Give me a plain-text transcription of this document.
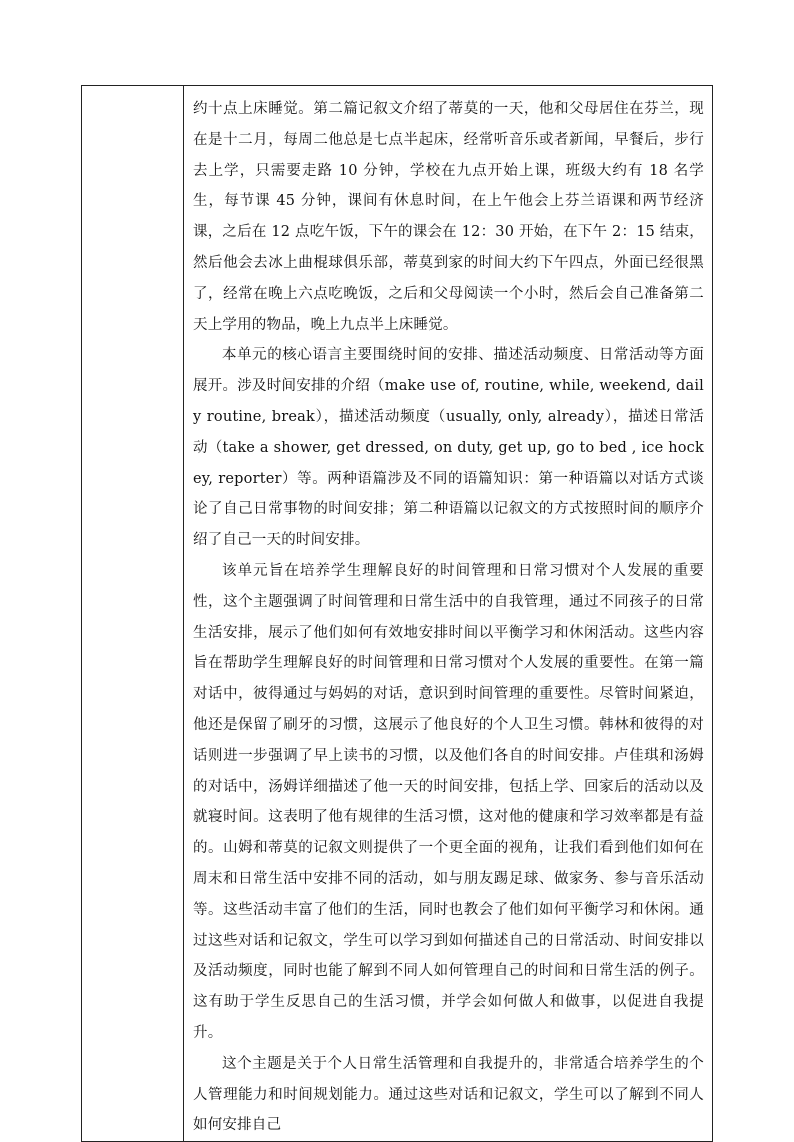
约十点上床睡觉。第二篇记叙文介绍了蒂莫的一天，他和父母居住在芬兰，现在是十二月，每周二他总是七点半起床，经常听音乐或者新闻，早餐后，步行去上学，只需要走路 10 分钟，学校在九点开始上课，班级大约有 18 名学生，每节课 45 分钟，课间有休息时间，在上午他会上芬兰语课和两节经济课，之后在 12 点吃午饭，下午的课会在 12：30 开始，在下午 2：15 结束，然后他会去冰上曲棍球俱乐部，蒂莫到家的时间大约下午四点，外面已经很黑了，经常在晚上六点吃晚饭，之后和父母阅读一个小时，然后会自己准备第二天上学用的物品，晚上九点半上床睡觉。

本单元的核心语言主要围绕时间的安排、描述活动频度、日常活动等方面展开。涉及时间安排的介绍（make use of, routine, while, weekend, daily routine, break），描述活动频度（usually, only, already），描述日常活动（take a shower, get dressed, on duty, get up, go to bed , ice hockey, reporter）等。两种语篇涉及不同的语篇知识：第一种语篇以对话方式谈论了自己日常事物的时间安排；第二种语篇以记叙文的方式按照时间的顺序介绍了自己一天的时间安排。

该单元旨在培养学生理解良好的时间管理和日常习惯对个人发展的重要性，这个主题强调了时间管理和日常生活中的自我管理，通过不同孩子的日常生活安排，展示了他们如何有效地安排时间以平衡学习和休闲活动。这些内容旨在帮助学生理解良好的时间管理和日常习惯对个人发展的重要性。在第一篇对话中，彼得通过与妈妈的对话，意识到时间管理的重要性。尽管时间紧迫，他还是保留了刷牙的习惯，这展示了他良好的个人卫生习惯。韩林和彼得的对话则进一步强调了早上读书的习惯，以及他们各自的时间安排。卢佳琪和汤姆的对话中，汤姆详细描述了他一天的时间安排，包括上学、回家后的活动以及就寝时间。这表明了他有规律的生活习惯，这对他的健康和学习效率都是有益的。山姆和蒂莫的记叙文则提供了一个更全面的视角，让我们看到他们如何在周末和日常生活中安排不同的活动，如与朋友踢足球、做家务、参与音乐活动等。这些活动丰富了他们的生活，同时也教会了他们如何平衡学习和休闲。通过这些对话和记叙文，学生可以学习到如何描述自己的日常活动、时间安排以及活动频度，同时也能了解到不同人如何管理自己的时间和日常生活的例子。这有助于学生反思自己的生活习惯，并学会如何做人和做事，以促进自我提升。

这个主题是关于个人日常生活管理和自我提升的，非常适合培养学生的个人管理能力和时间规划能力。通过这些对话和记叙文，学生可以了解到不同人如何安排自己
